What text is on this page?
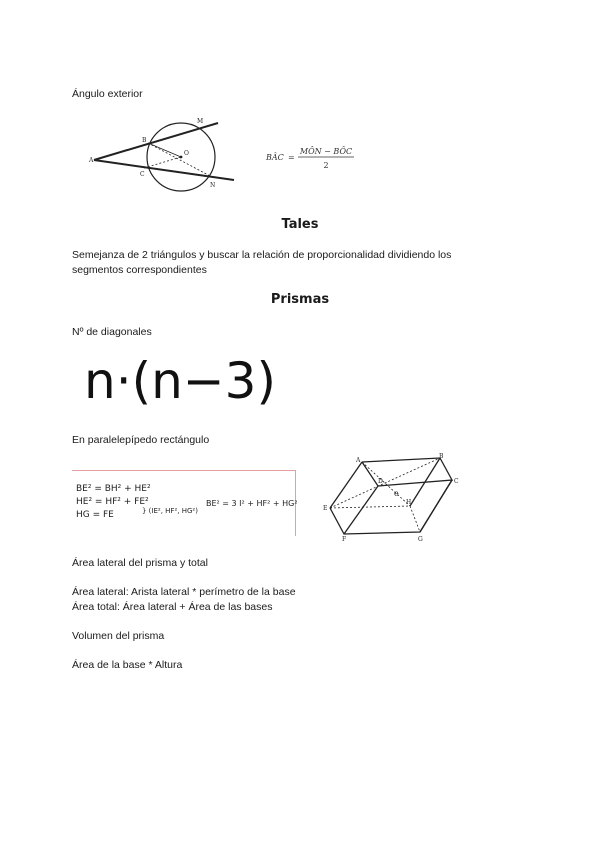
Ángulo exterior
A
B
C
M
N
O	BÂC =
MÔN − BÔC
2
Tales
Semejanza de 2 triángulos y buscar la relación de proporcionalidad dividiendo los
segmentos correspondientes
Prismas
Nº de diagonales
n·(n−3)
En paralelepípedo rectángulo
BE² = BH² + HE²
HE² = HF² + FE²
HG = FE	} (IE², HF², HG²)
BE² = 3 I² + HF² + HG²
A
B
C
D
E
F	G
H
e
Área lateral del prisma y total
Área lateral: Arista lateral * perímetro de la base
Área total: Área lateral + Área de las bases
Volumen del prisma
Área de la base * Altura
